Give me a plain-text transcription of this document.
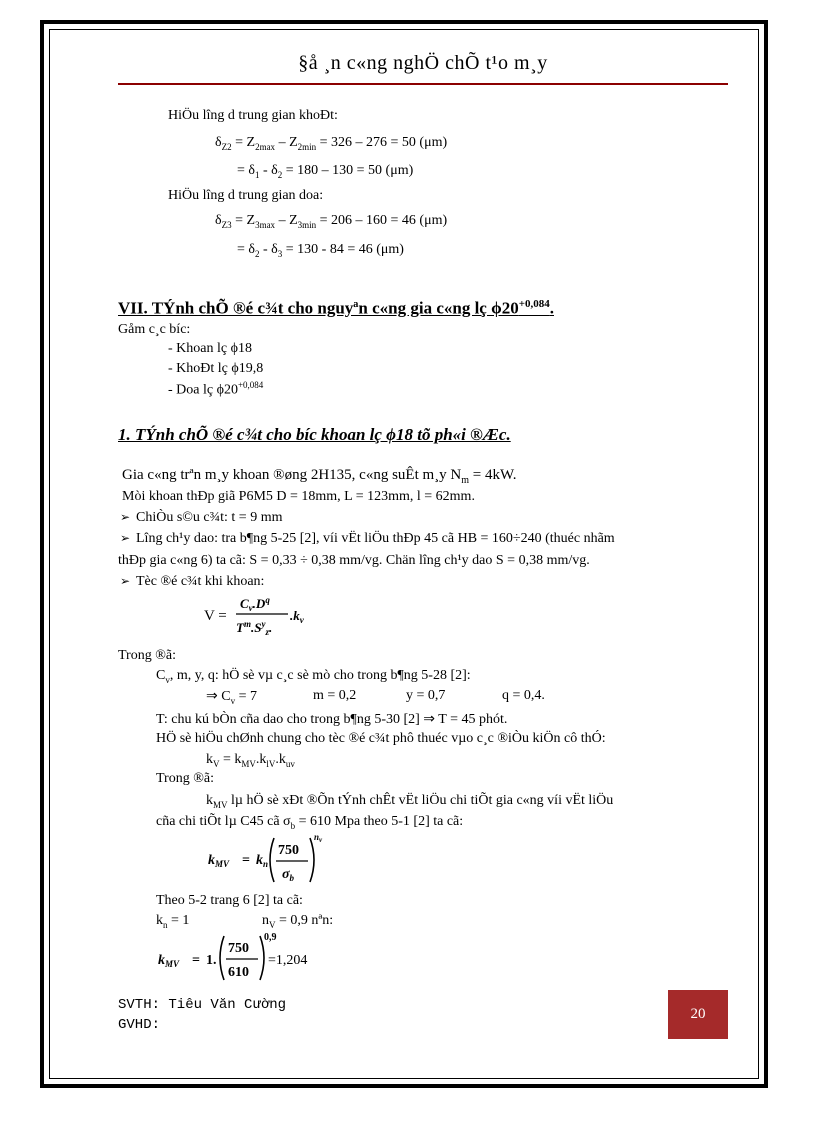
§å ¸n c«ng nghÖ chÕ t¹o m¸y
HiÖu lîng d trung gian khoÐt:
$\delta_{Z2} = Z_{2max} - Z_{2min} = 326 - 276 = 50$ (μm)
= $\delta_1 - \delta_2 = 180 - 130 = 50$ (μm)
HiÖu lîng d trung gian doa:
$\delta_{Z3} = Z_{3max} - Z_{3min} = 206 - 160 = 46$ (μm)
= $\delta_2 - \delta_3 = 130 - 84 = 46$ (μm)
VII. TÝnh chÕ ®é c¾t cho nguyªn c«ng gia c«ng lç $\phi 20^{+0,084}$.
Gåm c¸c bíc:
- Khoan lç ϕ18
- KhoÐt lç ϕ19,8
- Doa lç $\phi 20^{+0,084}$
1. TÝnh chÕ ®é c¾t cho bíc khoan lç ϕ18 tõ ph«i ®Æc.
Gia c«ng trªn m¸y khoan ®øng 2H135, c«ng suÊt m¸y $N_m = 4kW$.
Mòi khoan thÐp giã P6M5 D = 18mm, L = 123mm, l = 62mm.
➢ ChiÒu s©u c¾t: t = 9 mm
➢ Lîng ch¹y dao: tra b¶ng 5-25 [2], víi vËt liÖu thÐp 45 cã HB = 160÷240 (thuéc nhãm
thÐp gia c«ng 6) ta cã: S = 0,33 ÷ 0,38 mm/vg. Chän lîng ch¹y dao S = 0,38 mm/vg.
➢ Tèc ®é c¾t khi khoan:
V =
$C_v.D^q$
$T^m.S^y_z$.
$.k_v$
Trong ®ã:
$C_v$, m, y, q: hÖ sè vµ c¸c sè mò cho trong b¶ng 5-28 [2]:
⇒ $C_v = 7$	m = 0,2	y = 0,7	q = 0,4.
T: chu kú bÒn cña dao cho trong b¶ng 5-30 [2] ⇒ T = 45 phót.
HÖ sè hiÖu chØnh chung cho tèc ®é c¾t phô thuéc vµo c¸c ®iÒu kiÖn cô thÓ:
$k_V = k_{MV}.k_{lV}.k_{uv}$
Trong ®ã:
$k_{MV}$ lµ hÖ sè xÐt ®Õn tÝnh chÊt vËt liÖu chi tiÕt gia c«ng víi vËt liÖu
cña chi tiÕt lµ C45 cã $\sigma_b = 610$ Mpa theo 5-1 [2] ta cã:
$k_{MV} = k_n$
750
$\sigma_b$
$n_v$
Theo 5-2 trang 6 [2] ta cã:
$k_n = 1$	$n_V = 0,9$ nªn:
$k_{MV} = 1$.
750
610
0,9
=1,204
SVTH: Tiêu Văn Cường
GVHD:
20
